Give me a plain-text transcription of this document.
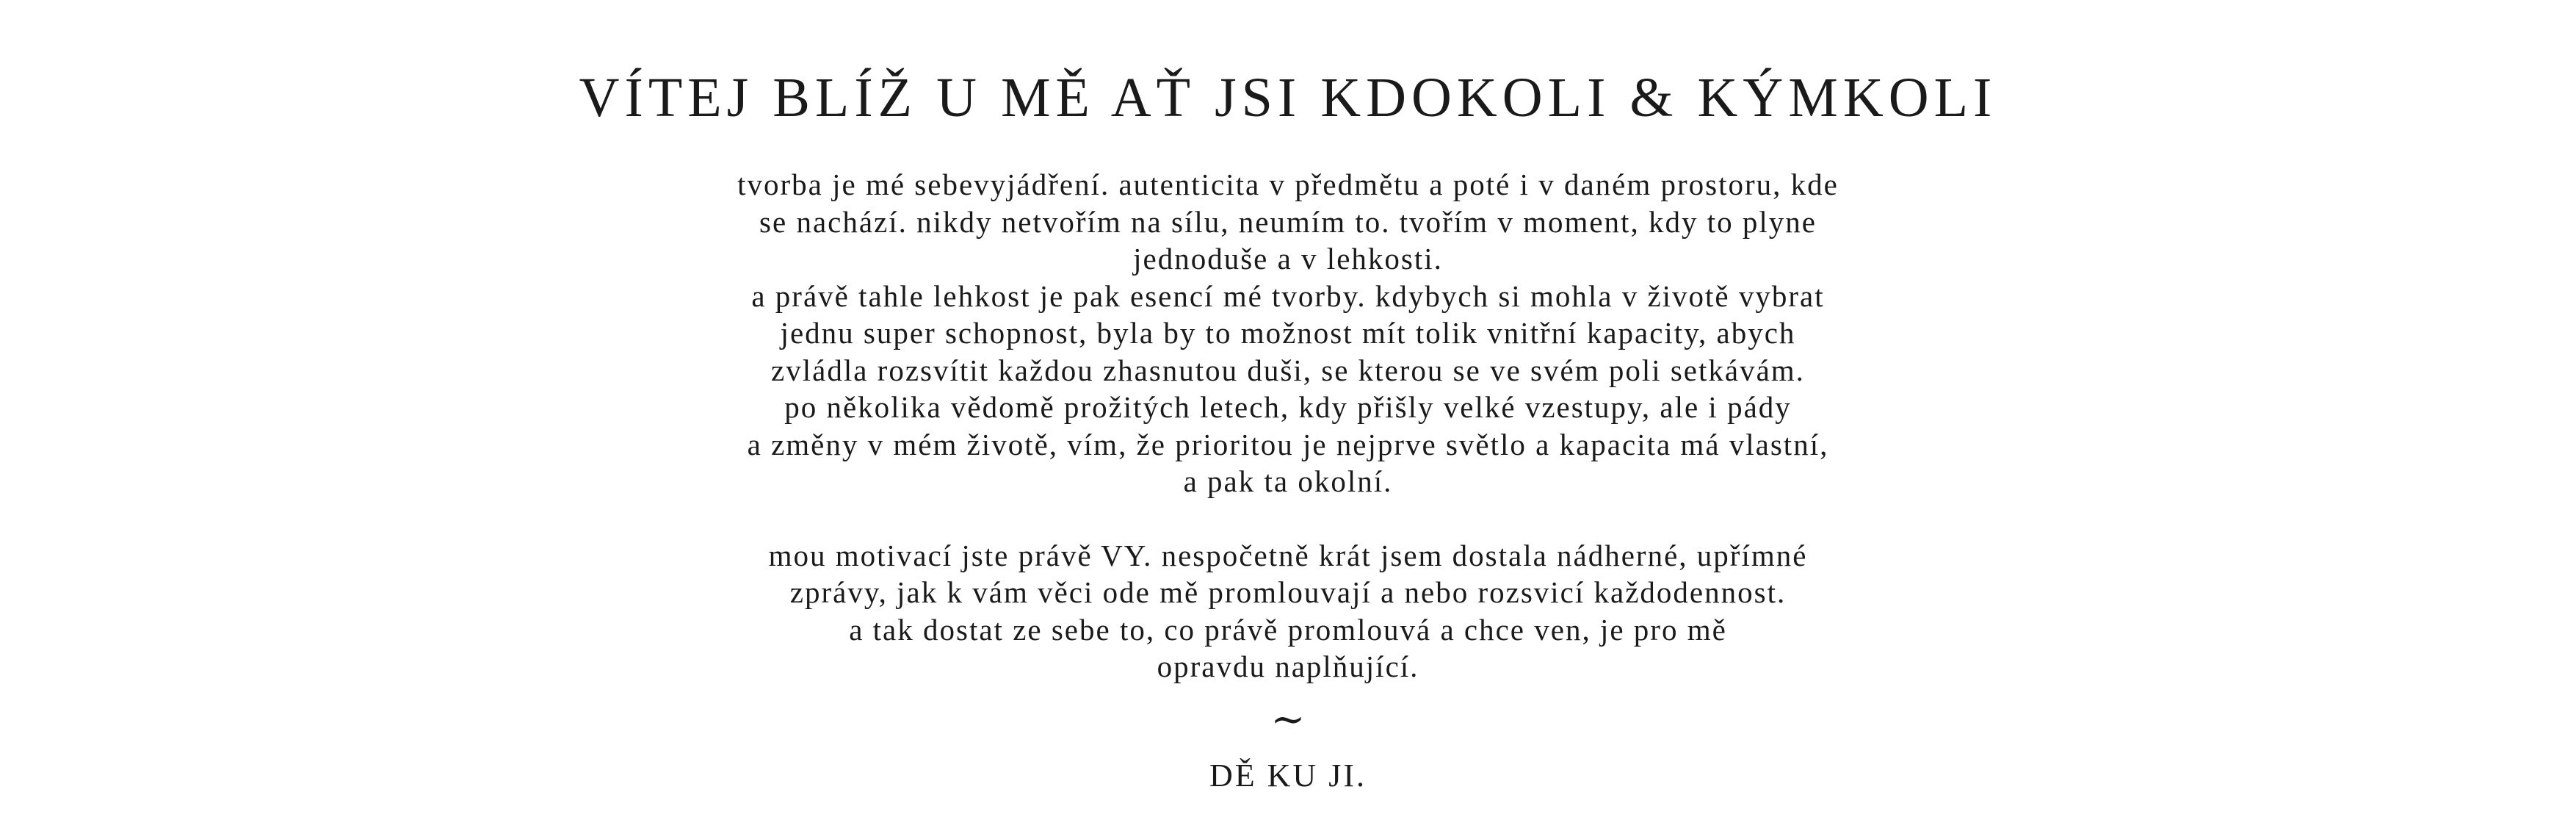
VÍTEJ BLÍŽ U MĚ AŤ JSI KDOKOLI & KÝMKOLI

tvorba je mé sebevyjádření. autenticita v předmětu a poté i v daném prostoru, kde
se nachází. nikdy netvořím na sílu, neumím to. tvořím v moment, kdy to plyne
jednoduše a v lehkosti.
a právě tahle lehkost je pak esencí mé tvorby. kdybych si mohla v životě vybrat
jednu super schopnost, byla by to možnost mít tolik vnitřní kapacity, abych
zvládla rozsvítit každou zhasnutou duši, se kterou se ve svém poli setkávám.
po několika vědomě prožitých letech, kdy přišly velké vzestupy, ale i pády
a změny v mém životě, vím, že prioritou je nejprve světlo a kapacita má vlastní,
a pak ta okolní.

mou motivací jste právě VY. nespočetně krát jsem dostala nádherné, upřímné
zprávy, jak k vám věci ode mě promlouvají a nebo rozsvicí každodennost.
a tak dostat ze sebe to, co právě promlouvá a chce ven, je pro mě
opravdu naplňující.

~
DĚ KU JI.
